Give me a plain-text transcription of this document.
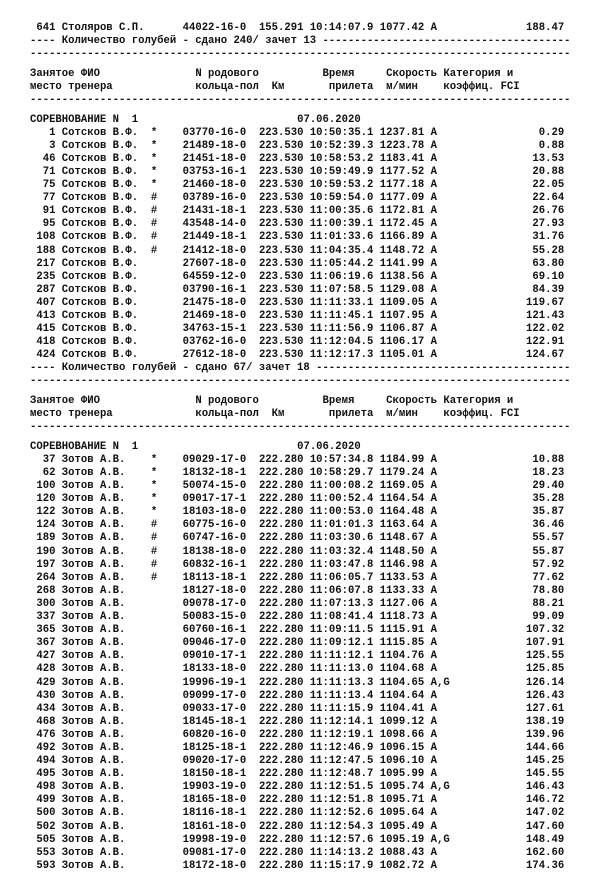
641 Столяров С.П.	44022-16-0 155.291 10:14:07.9 1077.42 A	188.47
---- Количество голубей - сдано 240/ зачет 13 ---------------------------------------
-------------------------------------------------------------------------------------
Занятое ФИО	N родового	Время	Скорость Категория и
место тренера	кольца-пол Км	прилета м/мин коэффиц. FCI
-------------------------------------------------------------------------------------
СОРЕВНОВАНИЕ N 1	07.06.2020
1 Сотсков В.Ф. * 03770-16-0 223.530 10:50:35.1 1237.81 A	0.29
3 Сотсков В.Ф. * 21489-18-0 223.530 10:52:39.3 1223.78 A	0.88
46 Сотсков В.Ф. * 21451-18-0 223.530 10:58:53.2 1183.41 A	13.53
71 Сотсков В.Ф. * 03753-16-1 223.530 10:59:49.9 1177.52 A	20.88
75 Сотсков В.Ф. * 21460-18-0 223.530 10:59:53.2 1177.18 A	22.05
77 Сотсков В.Ф. # 03789-16-0 223.530 10:59:54.0 1177.09 A	22.64
91 Сотсков В.Ф. # 21431-18-1 223.530 11:00:35.6 1172.81 A	26.76
95 Сотсков В.Ф. # 43548-14-0 223.530 11:00:39.1 1172.45 A	27.93
108 Сотсков В.Ф. # 21449-18-1 223.530 11:01:33.6 1166.89 A	31.76
188 Сотсков В.Ф. # 21412-18-0 223.530 11:04:35.4 1148.72 A	55.28
217 Сотсков В.Ф.	27607-18-0 223.530 11:05:44.2 1141.99 A	63.80
235 Сотсков В.Ф.	64559-12-0 223.530 11:06:19.6 1138.56 A	69.10
287 Сотсков В.Ф.	03790-16-1 223.530 11:07:58.5 1129.08 A	84.39
407 Сотсков В.Ф.	21475-18-0 223.530 11:11:33.1 1109.05 A	119.67
413 Сотсков В.Ф.	21469-18-0 223.530 11:11:45.1 1107.95 A	121.43
415 Сотсков В.Ф.	34763-15-1 223.530 11:11:56.9 1106.87 A	122.02
418 Сотсков В.Ф.	03762-16-0 223.530 11:12:04.5 1106.17 A	122.91
424 Сотсков В.Ф.	27612-18-0 223.530 11:12:17.3 1105.01 A	124.67
---- Количество голубей - сдано 67/ зачет 18 ----------------------------------------
-------------------------------------------------------------------------------------
Занятое ФИО	N родового	Время	Скорость Категория и
место тренера	кольца-пол Км	прилета м/мин коэффиц. FCI
-------------------------------------------------------------------------------------
СОРЕВНОВАНИЕ N 1	07.06.2020
37 Зотов А.В. * 09029-17-0 222.280 10:57:34.8 1184.99 A	10.88
62 Зотов А.В. * 18132-18-1 222.280 10:58:29.7 1179.24 A	18.23
100 Зотов А.В. * 50074-15-0 222.280 11:00:08.2 1169.05 A	29.40
120 Зотов А.В. * 09017-17-1 222.280 11:00:52.4 1164.54 A	35.28
122 Зотов А.В. * 18103-18-0 222.280 11:00:53.0 1164.48 A	35.87
124 Зотов А.В. # 60775-16-0 222.280 11:01:01.3 1163.64 A	36.46
189 Зотов А.В. # 60747-16-0 222.280 11:03:30.6 1148.67 A	55.57
190 Зотов А.В. # 18138-18-0 222.280 11:03:32.4 1148.50 A	55.87
197 Зотов А.В. # 60832-16-1 222.280 11:03:47.8 1146.98 A	57.92
264 Зотов А.В. # 18113-18-1 222.280 11:06:05.7 1133.53 A	77.62
268 Зотов А.В.	18127-18-0 222.280 11:06:07.8 1133.33 A	78.80
300 Зотов А.В.	09078-17-0 222.280 11:07:13.3 1127.06 A	88.21
337 Зотов А.В.	50083-15-0 222.280 11:08:41.4 1118.73 A	99.09
365 Зотов А.В.	60760-16-1 222.280 11:09:11.5 1115.91 A	107.32
367 Зотов А.В.	09046-17-0 222.280 11:09:12.1 1115.85 A	107.91
427 Зотов А.В.	09010-17-1 222.280 11:11:12.1 1104.76 A	125.55
428 Зотов А.В.	18133-18-0 222.280 11:11:13.0 1104.68 A	125.85
429 Зотов А.В.	19996-19-1 222.280 11:11:13.3 1104.65 A,G	126.14
430 Зотов А.В.	09099-17-0 222.280 11:11:13.4 1104.64 A	126.43
434 Зотов А.В.	09033-17-0 222.280 11:11:15.9 1104.41 A	127.61
468 Зотов А.В.	18145-18-1 222.280 11:12:14.1 1099.12 A	138.19
476 Зотов А.В.	60820-16-0 222.280 11:12:19.1 1098.66 A	139.96
492 Зотов А.В.	18125-18-1 222.280 11:12:46.9 1096.15 A	144.66
494 Зотов А.В.	09020-17-0 222.280 11:12:47.5 1096.10 A	145.25
495 Зотов А.В.	18150-18-1 222.280 11:12:48.7 1095.99 A	145.55
498 Зотов А.В.	19903-19-0 222.280 11:12:51.5 1095.74 A,G	146.43
499 Зотов А.В.	18165-18-0 222.280 11:12:51.8 1095.71 A	146.72
500 Зотов А.В.	18116-18-1 222.280 11:12:52.6 1095.64 A	147.02
502 Зотов А.В.	18161-18-0 222.280 11:12:54.3 1095.49 A	147.60
505 Зотов А.В.	19998-19-0 222.280 11:12:57.6 1095.19 A,G	148.49
553 Зотов А.В.	09081-17-0 222.280 11:14:13.2 1088.43 A	162.60
593 Зотов А.В.	18172-18-0 222.280 11:15:17.9 1082.72 A	174.36
